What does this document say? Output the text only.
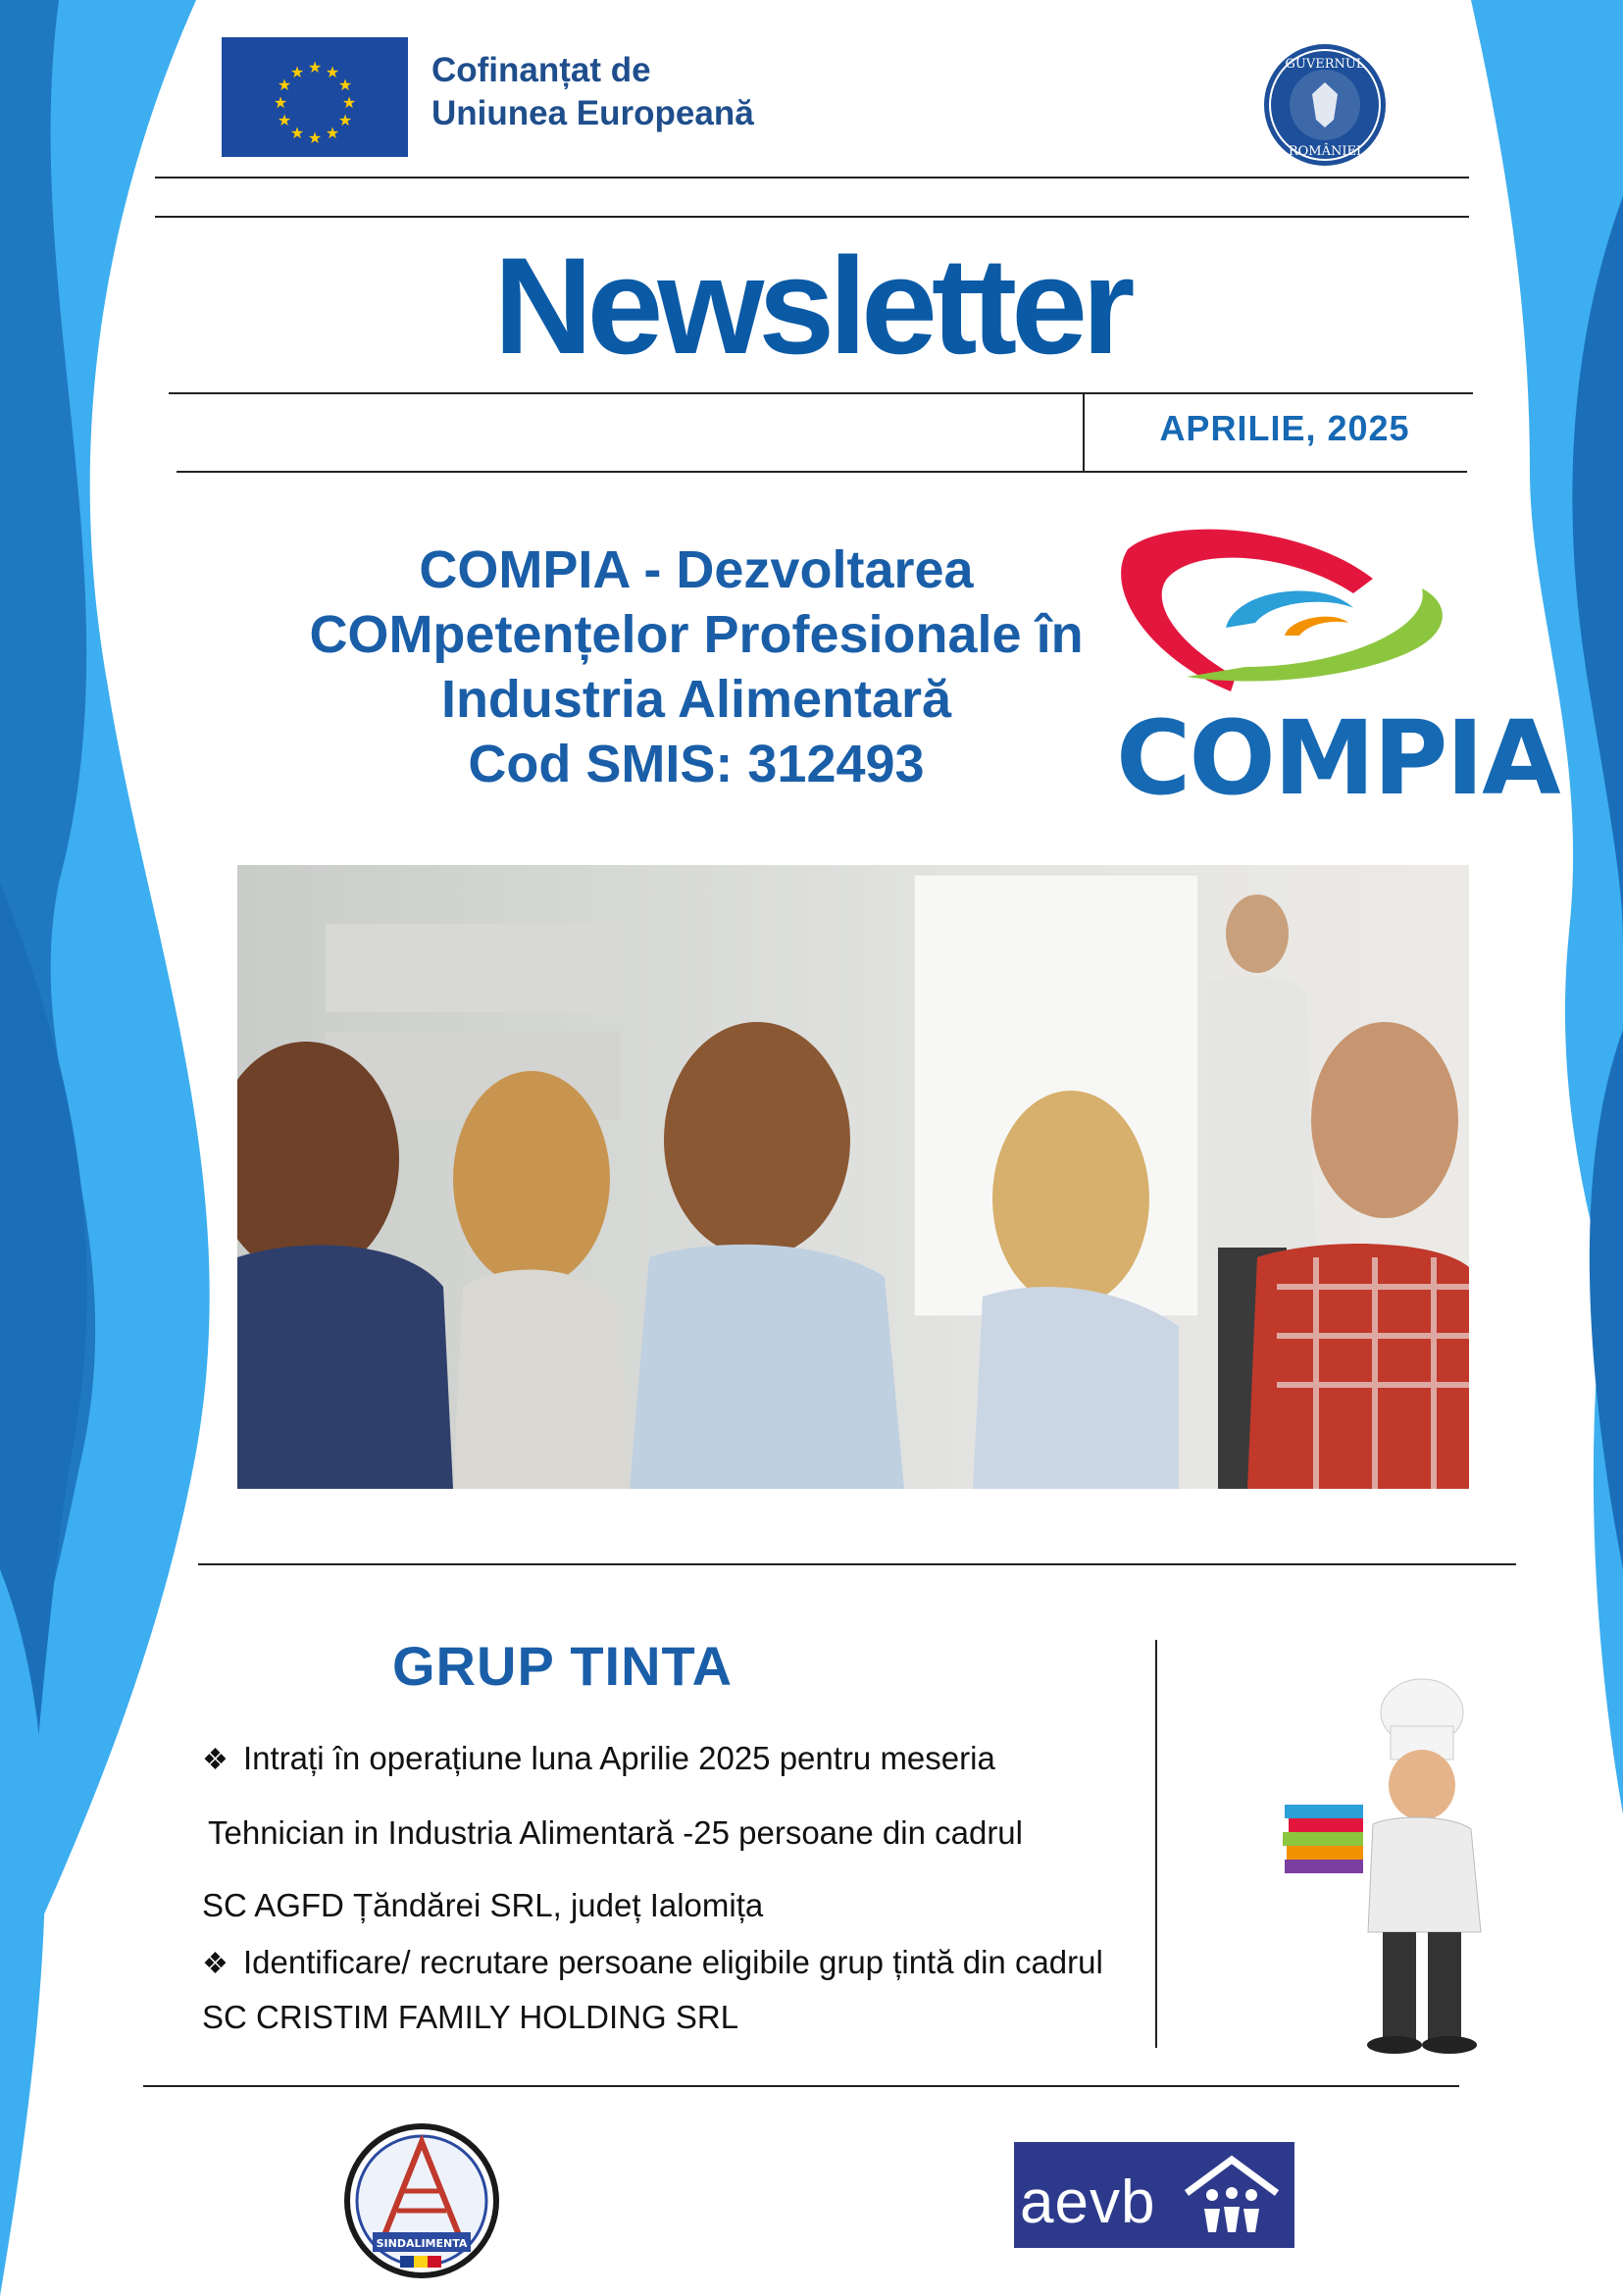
★ ★
★
★
★
★
★
★
★
★
★
★	Cofinanțat de
Uniunea Europeană
GUVERNUL
ROMÂNIEI
Newsletter
APRILIE, 2025
COMPIA - Dezvoltarea
COMpetențelor Profesionale în
Industria Alimentară
Cod SMIS: 312493	COMPIA
GRUP TINTA
❖ Intrați în operațiune luna Aprilie 2025 pentru meseria
Tehnician in Industria Alimentară -25 persoane din cadrul
SC AGFD Țăndărei SRL, județ Ialomița
❖ Identificare/ recrutare persoane eligibile grup țintă din cadrul
SC CRISTIM FAMILY HOLDING SRL
SINDALIMENTA
aevb
